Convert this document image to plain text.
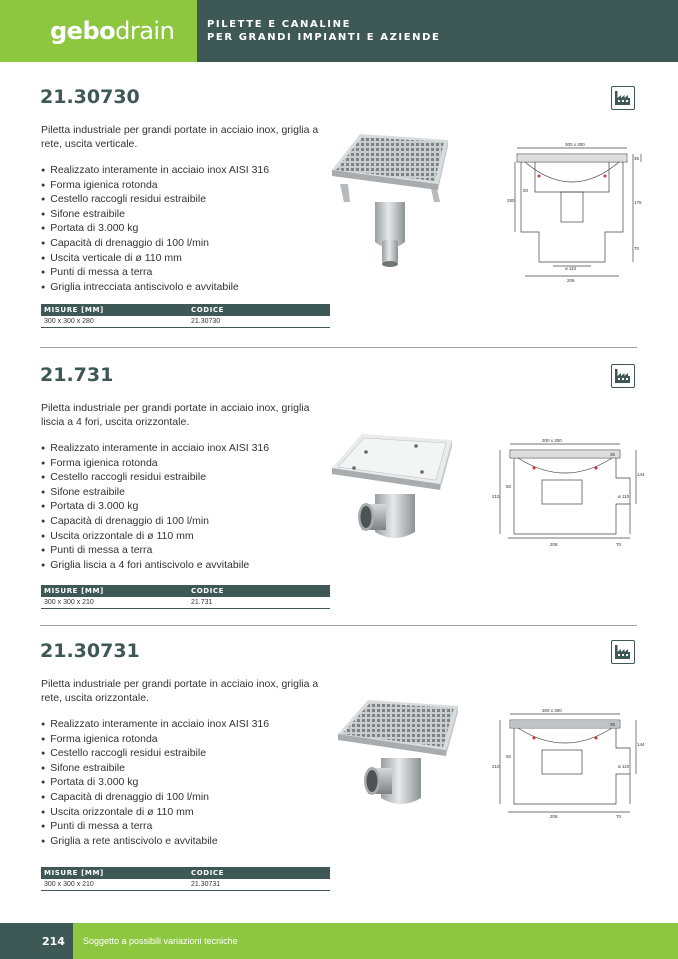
gebodrain	PILETTE E CANALINE
PER GRANDI IMPIANTI E AZIENDE
21.30730
Piletta industriale per grandi portate in acciaio inox, griglia a rete, uscita verticale.
● Realizzato interamente in acciaio inox AISI 316
● Forma igienica rotonda
● Cestello raccogli residui estraibile
● Sifone estraibile
● Portata di 3.000 kg
● Capacità di drenaggio di 100 l/min
● Uscita verticale di ø 110 mm
● Punti di messa a terra
● Griglia intrecciata antiscivolo e avvitabile
MISURE [MM]	CODICE
300 x 300 x 280	21.30730
300 x 300
35
50
280	175
70
ø 110
206
21.731
Piletta industriale per grandi portate in acciaio inox, griglia liscia a 4 fori, uscita orizzontale.
● Realizzato interamente in acciaio inox AISI 316
● Forma igienica rotonda
● Cestello raccogli residui estraibile
● Sifone estraibile
● Portata di 3.000 kg
● Capacità di drenaggio di 100 l/min
● Uscita orizzontale di ø 110 mm
● Punti di messa a terra
● Griglia liscia a 4 fori antiscivolo e avvitabile
MISURE [MM]	CODICE
300 x 300 x 210	21.731
300 x 300
35
50
210
144
ø 110
206	70
21.30731
Piletta industriale per grandi portate in acciaio inox, griglia a rete, uscita orizzontale.
● Realizzato interamente in acciaio inox AISI 316
● Forma igienica rotonda
● Cestello raccogli residui estraibile
● Sifone estraibile
● Portata di 3.000 kg
● Capacità di drenaggio di 100 l/min
● Uscita orizzontale di ø 110 mm
● Punti di messa a terra
● Griglia a rete antiscivolo e avvitabile
MISURE [MM]	CODICE
300 x 300 x 210	21.30731
300 x 300
35
50
210
144
ø 110
206	70
214	Soggetto a possibili variazioni tecniche
